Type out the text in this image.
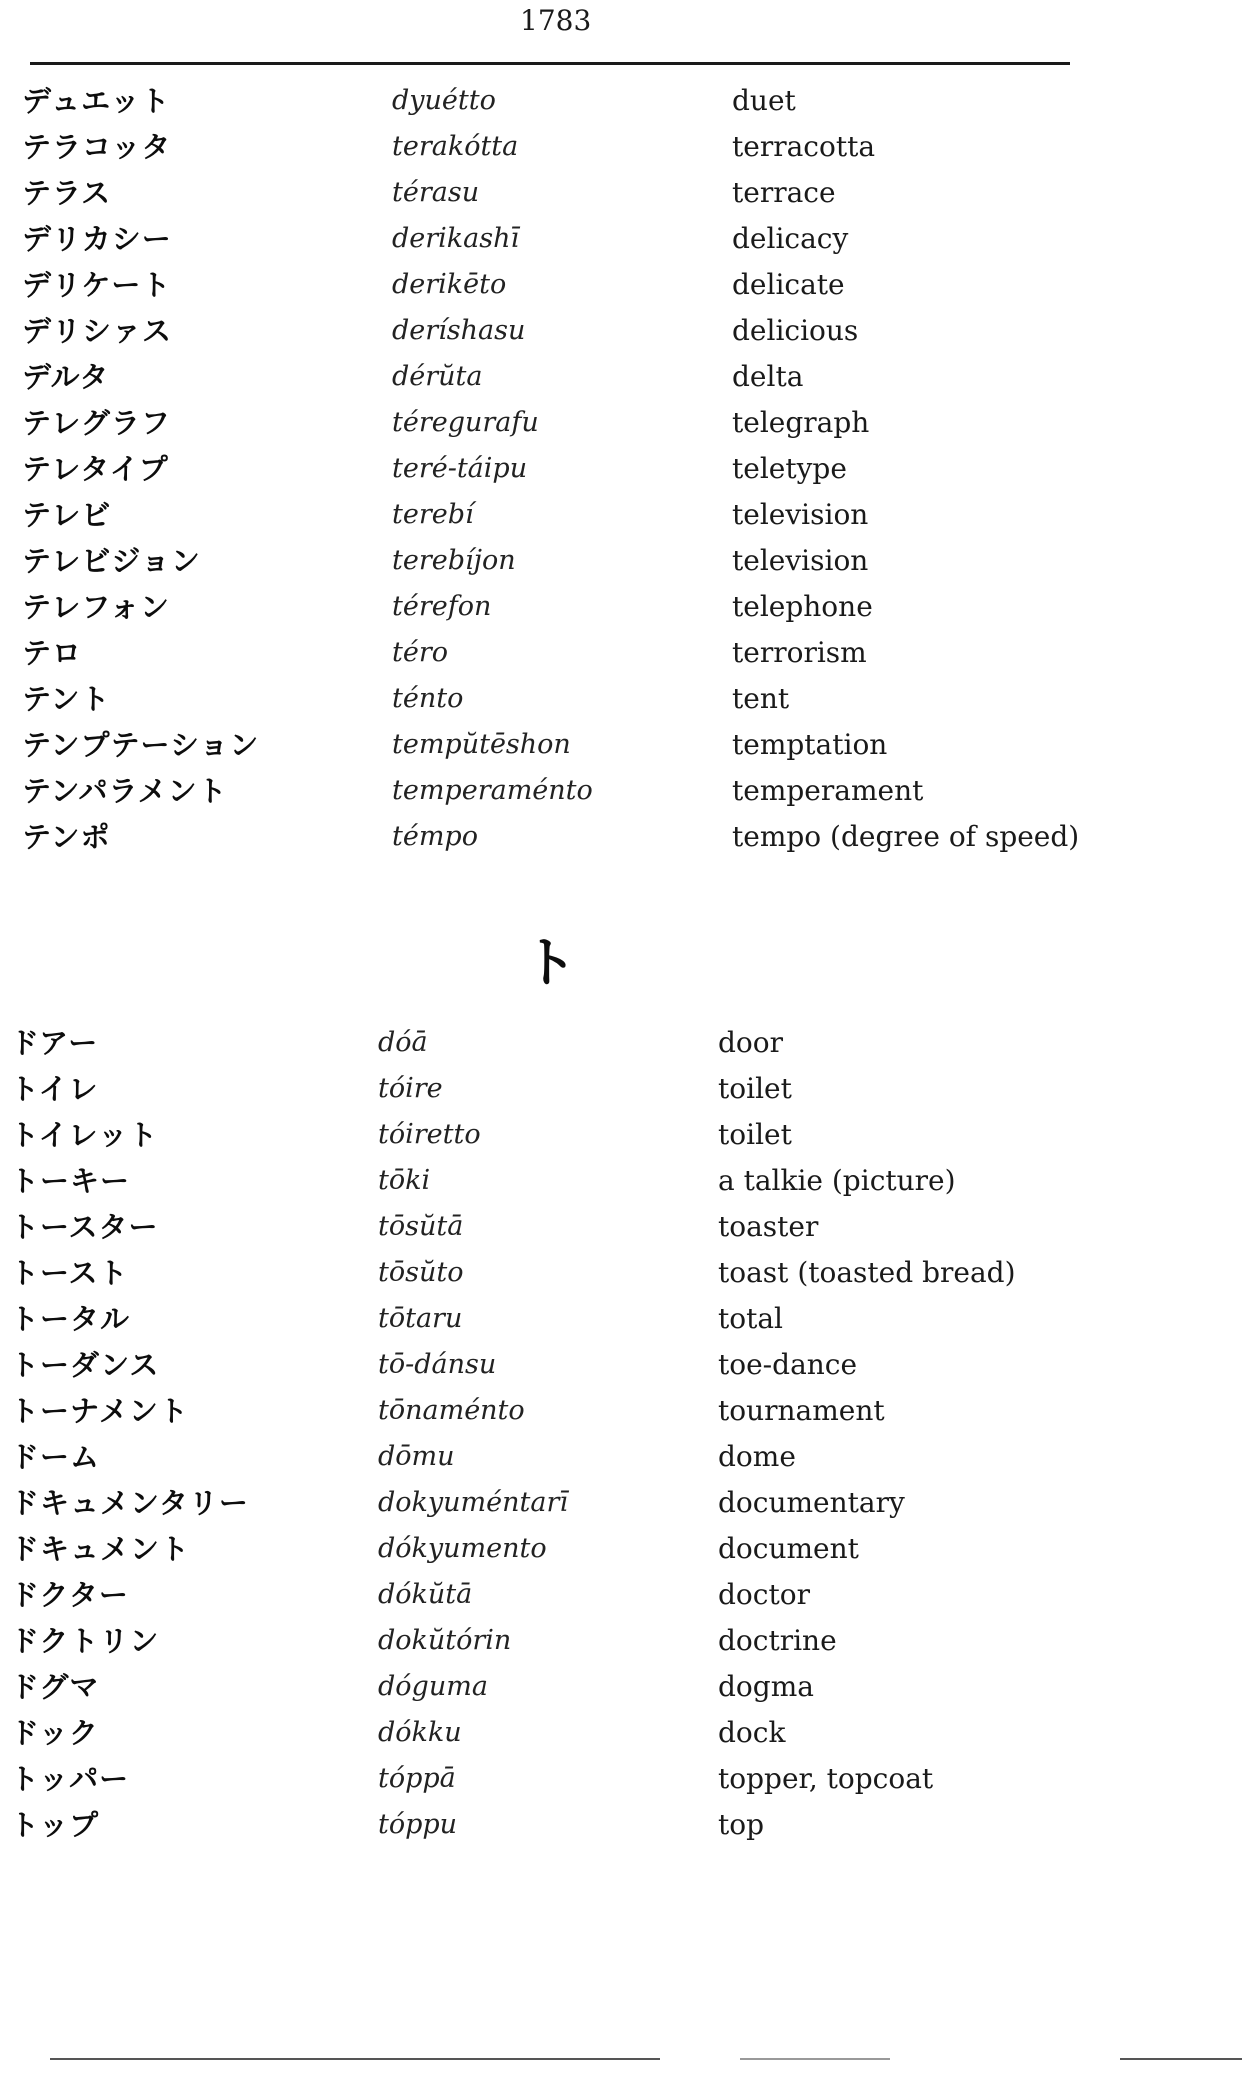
1783
デュエット	dyuétto	duet
テラコッタ	terakótta	terracotta
テラス	térasu	terrace
デリカシー	derikashī	delicacy
デリケート	derikēto	delicate
デリシァス	deríshasu	delicious
デルタ	dérŭta	delta
テレグラフ	téregurafu	telegraph
テレタイプ	teré-táipu	teletype
テレビ	terebí	television
テレビジョン	terebíjon	television
テレフォン	térefon	telephone
テロ	téro	terrorism
テント	ténto	tent
テンプテーション	tempŭtēshon	temptation
テンパラメント	temperaménto	temperament
テンポ	témpo	tempo (degree of speed)
ト
ドアー	dóā	door
トイレ	tóire	toilet
トイレット	tóiretto	toilet
トーキー	tōki	a talkie (picture)
トースター	tōsŭtā	toaster
トースト	tōsŭto	toast (toasted bread)
トータル	tōtaru	total
トーダンス	tō-dánsu	toe-dance
トーナメント	tōnaménto	tournament
ドーム	dōmu	dome
ドキュメンタリー	dokyuméntarī	documentary
ドキュメント	dókyumento	document
ドクター	dókŭtā	doctor
ドクトリン	dokŭtórin	doctrine
ドグマ	dóguma	dogma
ドック	dókku	dock
トッパー	tóppā	topper, topcoat
トップ	tóppu	top
